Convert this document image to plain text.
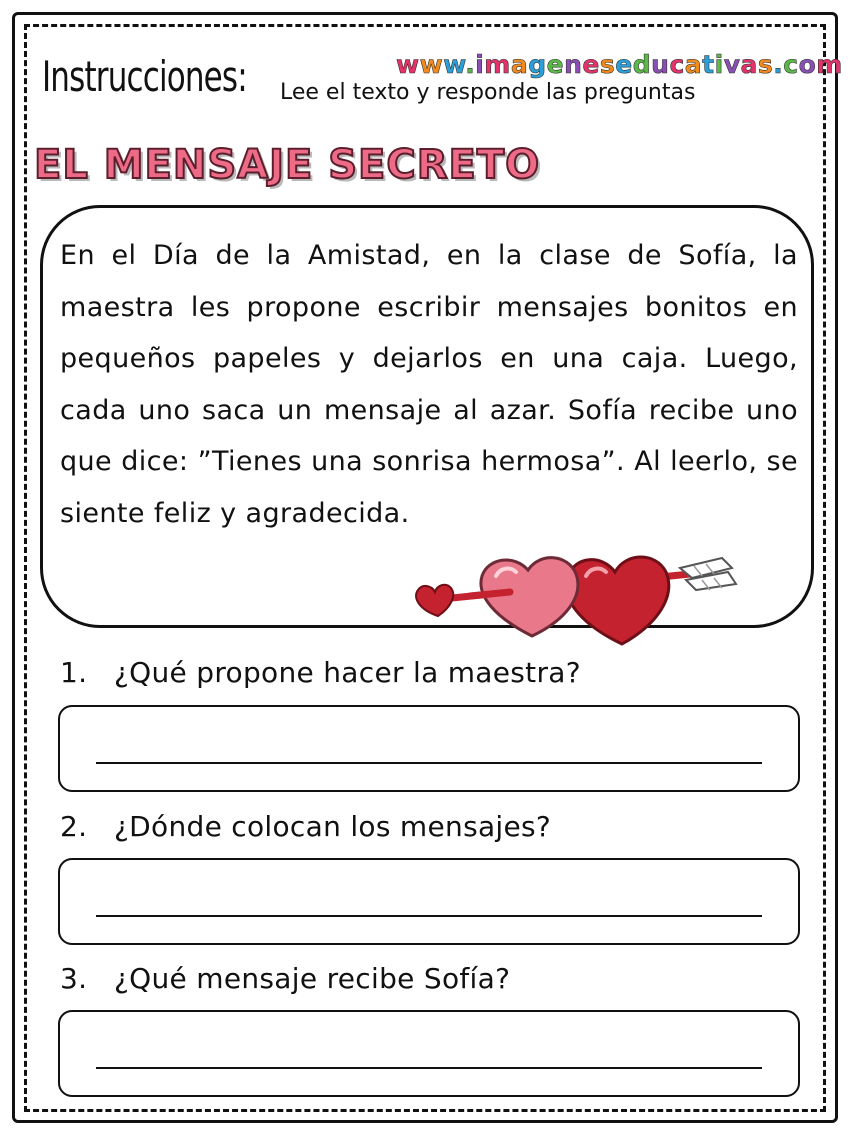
Instrucciones: Lee el texto y responde las preguntas
www.imageneseducativas.com
EL MENSAJE SECRETO
En el Día de la Amistad, en la clase de Sofía, la maestra les propone escribir mensajes bonitos en pequeños papeles y dejarlos en una caja. Luego, cada uno saca un mensaje al azar. Sofía recibe uno que dice: ”Tienes una sonrisa hermosa”. Al leerlo, se siente feliz y agradecida.
1. ¿Qué propone hacer la maestra?
2. ¿Dónde colocan los mensajes?
3. ¿Qué mensaje recibe Sofía?
